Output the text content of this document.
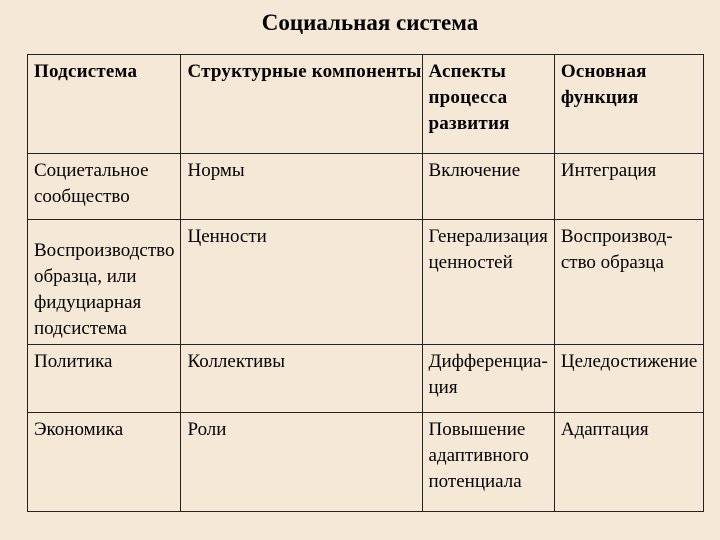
Социальная система
Подсистема	Структурные компоненты	Аспекты процесса развития	Основная функция

Социетальное сообщество	Нормы	Включение	Интеграция

Воспроизводство образца, или фидуциарная подсистема	Ценности	Генерализация ценностей	Воспроизвод-ство образца

Политика	Коллективы	Дифференциа-ция	Целедостижение

Экономика	Роли	Повышение адаптивного потенциала	Адаптация
